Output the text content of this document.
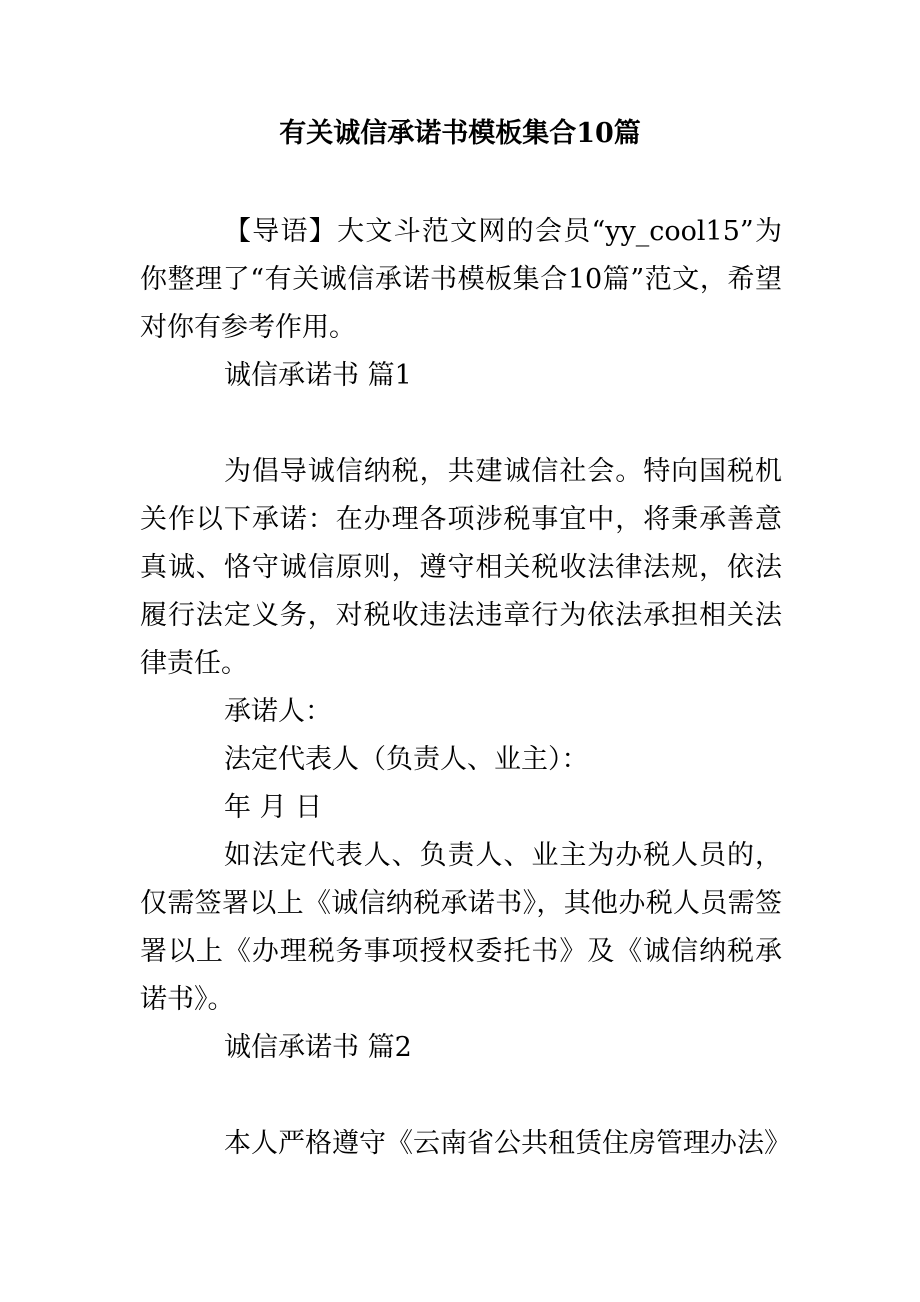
有关诚信承诺书模板集合10篇

【导语】大文斗范文网的会员“yy_cool15”为你整理了“有关诚信承诺书模板集合10篇”范文，希望对你有参考作用。

诚信承诺书 篇1

为倡导诚信纳税，共建诚信社会。特向国税机关作以下承诺：在办理各项涉税事宜中，将秉承善意真诚、恪守诚信原则，遵守相关税收法律法规，依法履行法定义务，对税收违法违章行为依法承担相关法律责任。

承诺人：

法定代表人（负责人、业主）：

年 月 日

如法定代表人、负责人、业主为办税人员的，仅需签署以上《诚信纳税承诺书》，其他办税人员需签署以上《办理税务事项授权委托书》及《诚信纳税承诺书》。

诚信承诺书 篇2

本人严格遵守《云南省公共租赁住房管理办法》
